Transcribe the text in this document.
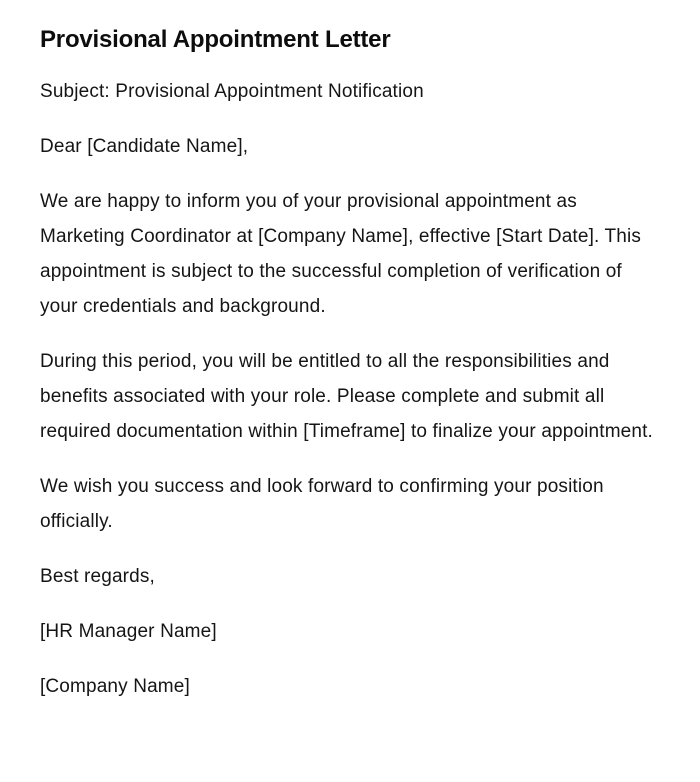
Provisional Appointment Letter

Subject: Provisional Appointment Notification

Dear [Candidate Name],

We are happy to inform you of your provisional appointment as Marketing Coordinator at [Company Name], effective [Start Date]. This appointment is subject to the successful completion of verification of your credentials and background.

During this period, you will be entitled to all the responsibilities and benefits associated with your role. Please complete and submit all required documentation within [Timeframe] to finalize your appointment.

We wish you success and look forward to confirming your position officially.

Best regards,

[HR Manager Name]

[Company Name]
